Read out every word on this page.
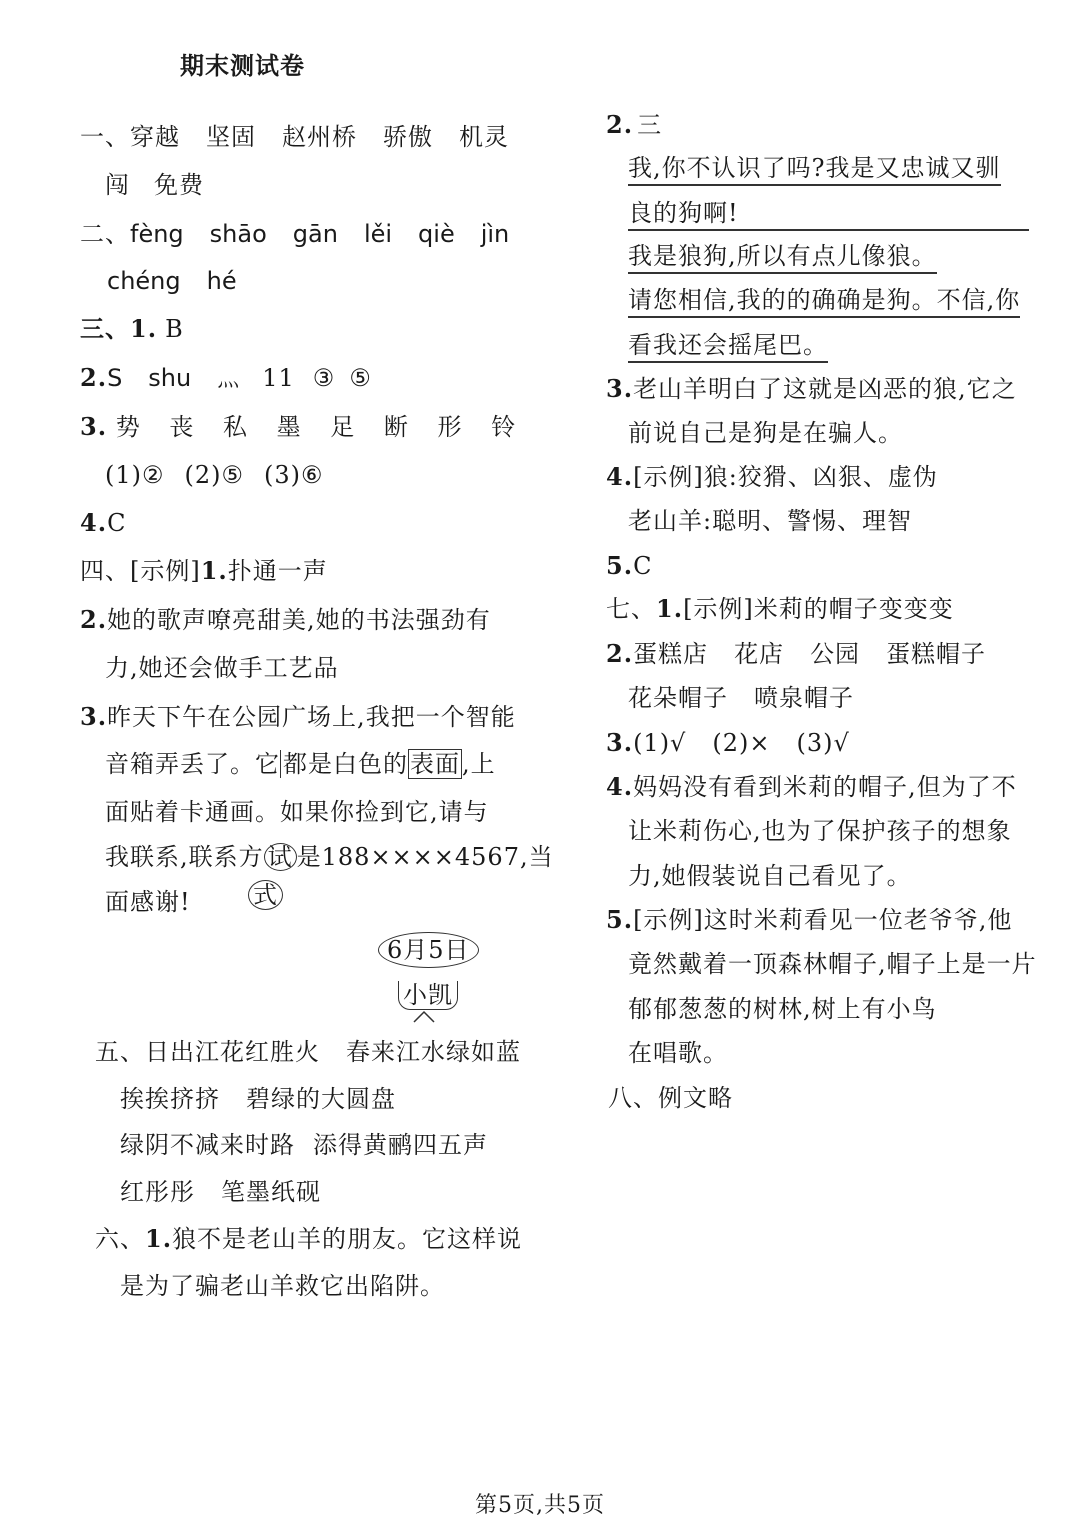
期末测试卷
一、穿越 坚固 赵州桥 骄傲 机灵
闯 免费
二、fèng shāo gān lěi qiè jìn
chéng hé
三、1. B
2.S shu 灬 11 ③ ⑤
3. 势 丧 私 墨 足 断 形 铃
(1)② (2)⑤ (3)⑥
4.C
四、[示例]1.扑通一声
2.她的歌声嘹亮甜美,她的书法强劲有
力,她还会做手工艺品
3.昨天下午在公园广场上,我把一个智能
音箱弄丢了。它 都是白色的表面,上
面贴着卡通画。如果你捡到它,请与
我联系,联系方 试 是188××××4567,当
面感谢!	式
6月5日
小凯
五、日出江花红胜火 春来江水绿如蓝
挨挨挤挤 碧绿的大圆盘
绿阴不减来时路 添得黄鹂四五声
红彤彤 笔墨纸砚
六、1.狼不是老山羊的朋友。它这样说
是为了骗老山羊救它出陷阱。
2. 三
我,你不认识了吗?我是又忠诚又驯
良的狗啊!
我是狼狗,所以有点儿像狼。
请您相信,我的的确确是狗。不信,你
看我还会摇尾巴。
3.老山羊明白了这就是凶恶的狼,它之
前说自己是狗是在骗人。
4.[示例]狼:狡猾、凶狠、虚伪
老山羊:聪明、警惕、理智
5.C
七、1.[示例]米莉的帽子变变变
2.蛋糕店 花店 公园 蛋糕帽子
花朵帽子 喷泉帽子
3.(1)√ (2)× (3)√
4.妈妈没有看到米莉的帽子,但为了不
让米莉伤心,也为了保护孩子的想象
力,她假装说自己看见了。
5.[示例]这时米莉看见一位老爷爷,他
竟然戴着一顶森林帽子,帽子上是一片
郁郁葱葱的树林,树上有小鸟
在唱歌。
八、例文略
第5页,共5页
